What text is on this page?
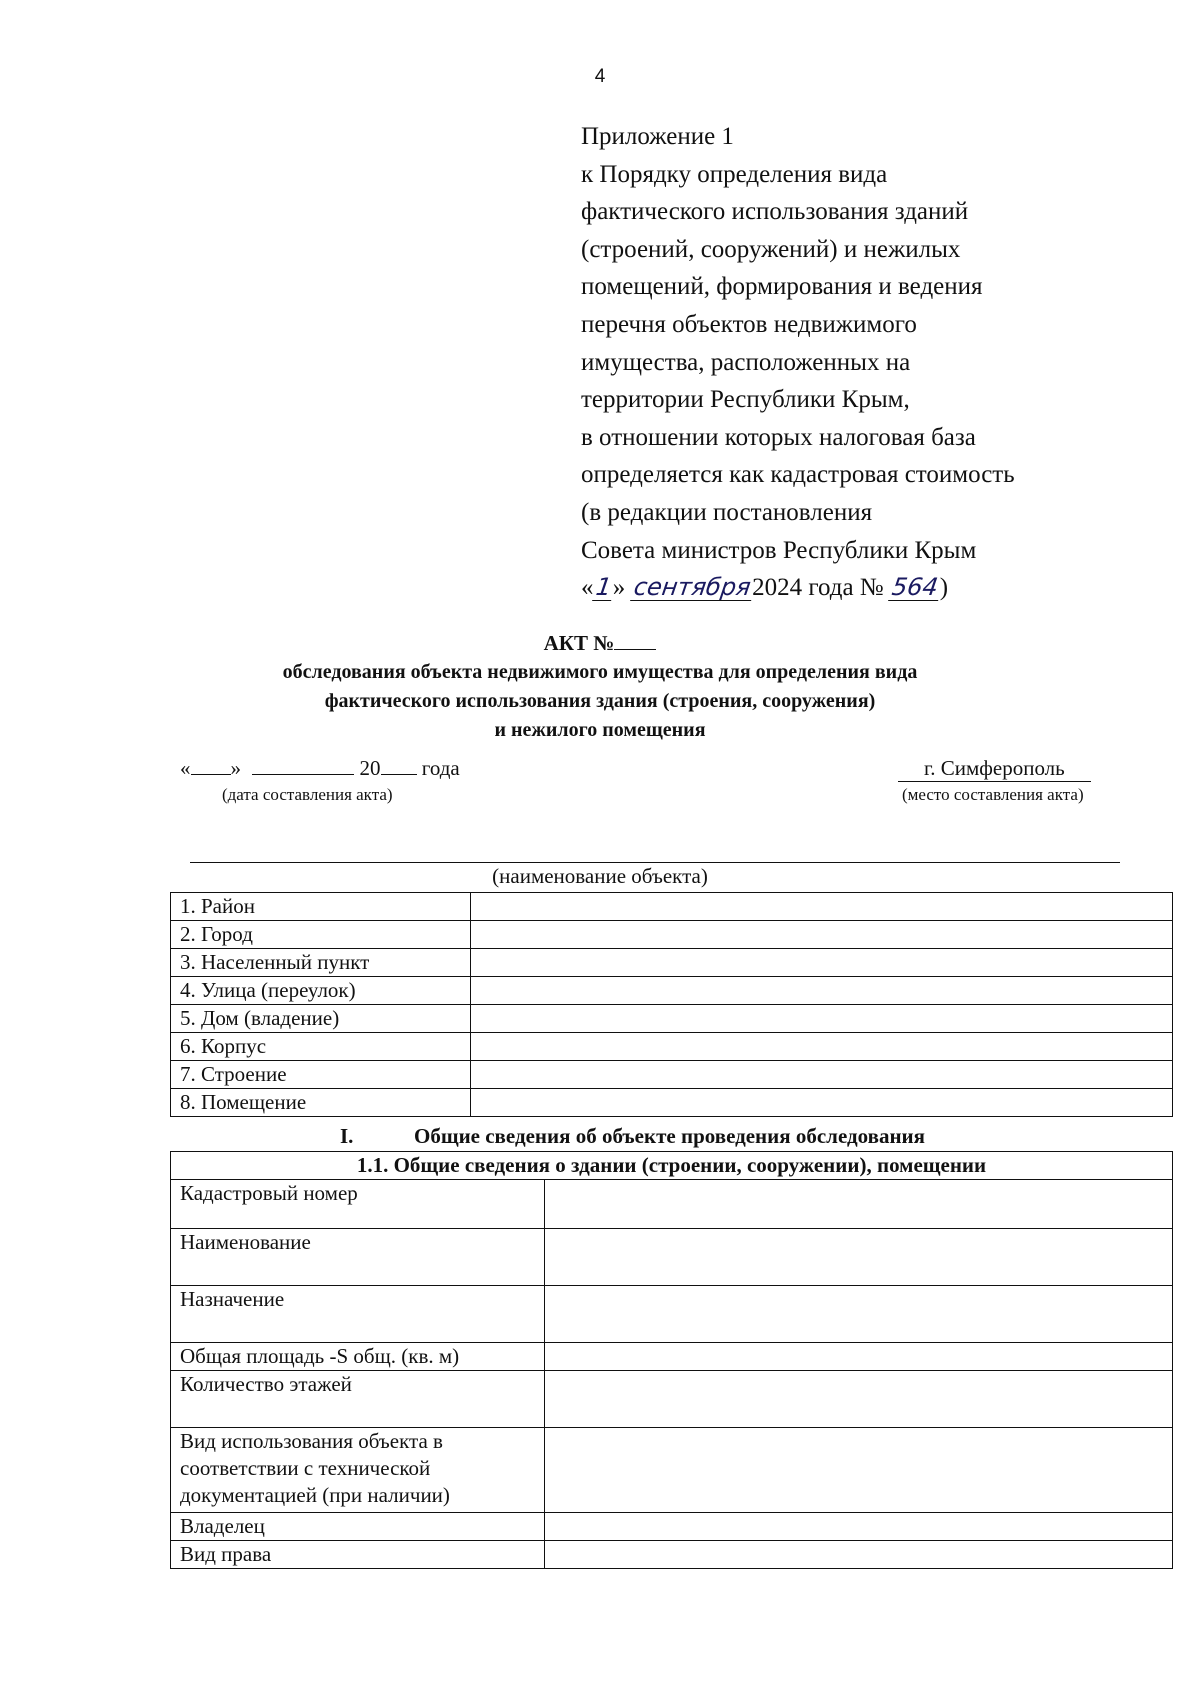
4
Приложение 1
к Порядку определения вида
фактического использования зданий
(строений, сооружений) и нежилых
помещений, формирования и ведения
перечня объектов недвижимого
имущества, расположенных на
территории Республики Крым,
в отношении которых налоговая база
определяется как кадастровая стоимость
(в редакции постановления
Совета министров Республики Крым
«1» сентября2024 года № 564)
АКТ №
обследования объекта недвижимого имущества для определения вида
фактического использования здания (строения, сооружения)
и нежилого помещения
« »	20 года
(дата составления акта)
г. Симферополь
(место составления акта)
(наименование объекта)
1. Район	
2. Город	
3. Населенный пункт	
4. Улица (переулок)	
5. Дом (владение)	
6. Корпус	
7. Строение	
8. Помещение	
I.	Общие сведения об объекте проведения обследования
1.1. Общие сведения о здании (строении, сооружении), помещении	
Кадастровый номер	
Наименование	
Назначение	
Общая площадь -S общ. (кв. м)	
Количество этажей	
Вид использования объекта в соответствии с технической документацией (при наличии)	
Владелец	
Вид права	
